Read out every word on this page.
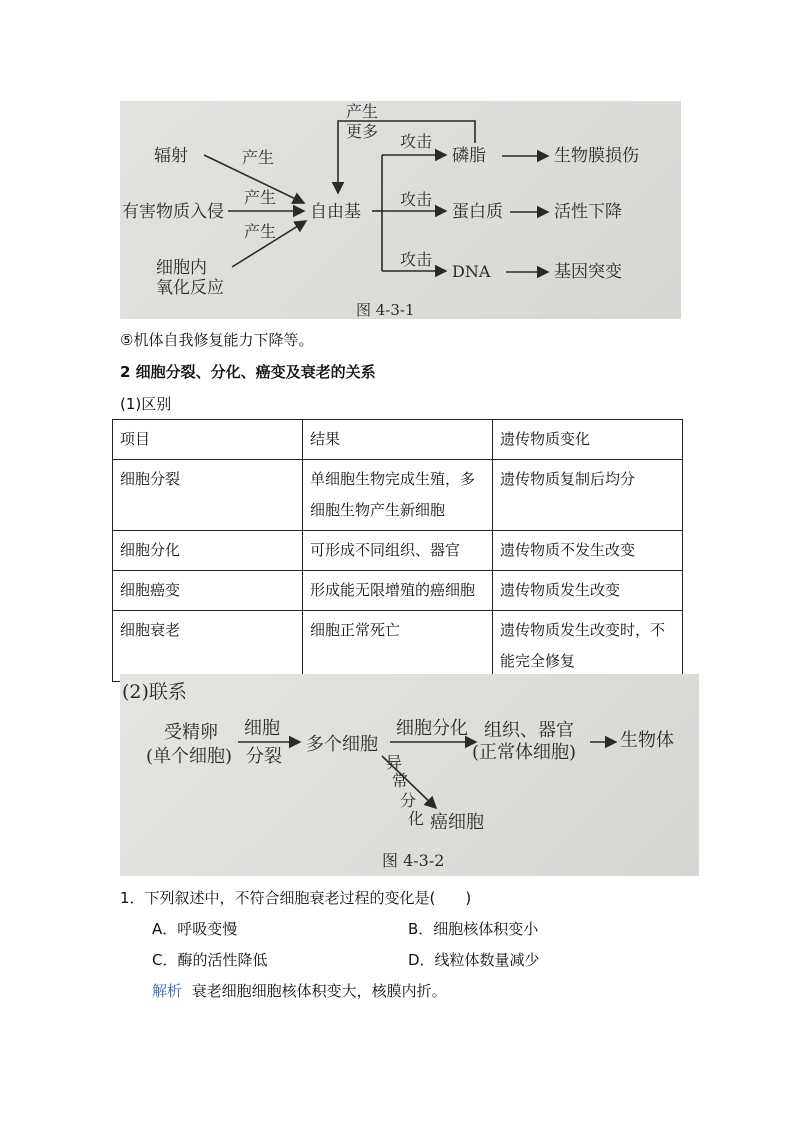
辐射
有害物质入侵
细胞内
氧化反应
产生
产生
产生
自由基
产生
更多
攻击
攻击
攻击
磷脂
蛋白质
DNA
生物膜损伤
活性下降
基因突变
图 4-3-1
⑤机体自我修复能力下降等。
2 细胞分裂、分化、癌变及衰老的关系
(1)区别
项目	结果	遗传物质变化
细胞分裂	单细胞生物完成生殖，多细胞生物产生新细胞	遗传物质复制后均分
细胞分化	可形成不同组织、器官	遗传物质不发生改变
细胞癌变	形成能无限增殖的癌细胞	遗传物质发生改变
细胞衰老	细胞正常死亡	遗传物质发生改变时，不能完全修复
(2)联系
受精卵
(单个细胞)
细胞
分裂
多个细胞
细胞分化 组织、器官
(正常体细胞)
生物体
异
常
分
化 癌细胞
图 4-3-2
1．下列叙述中，不符合细胞衰老过程的变化是(　　)
A．呼吸变慢	B．细胞核体积变小
C．酶的活性降低	D．线粒体数量减少
解析 衰老细胞细胞核体积变大，核膜内折。
